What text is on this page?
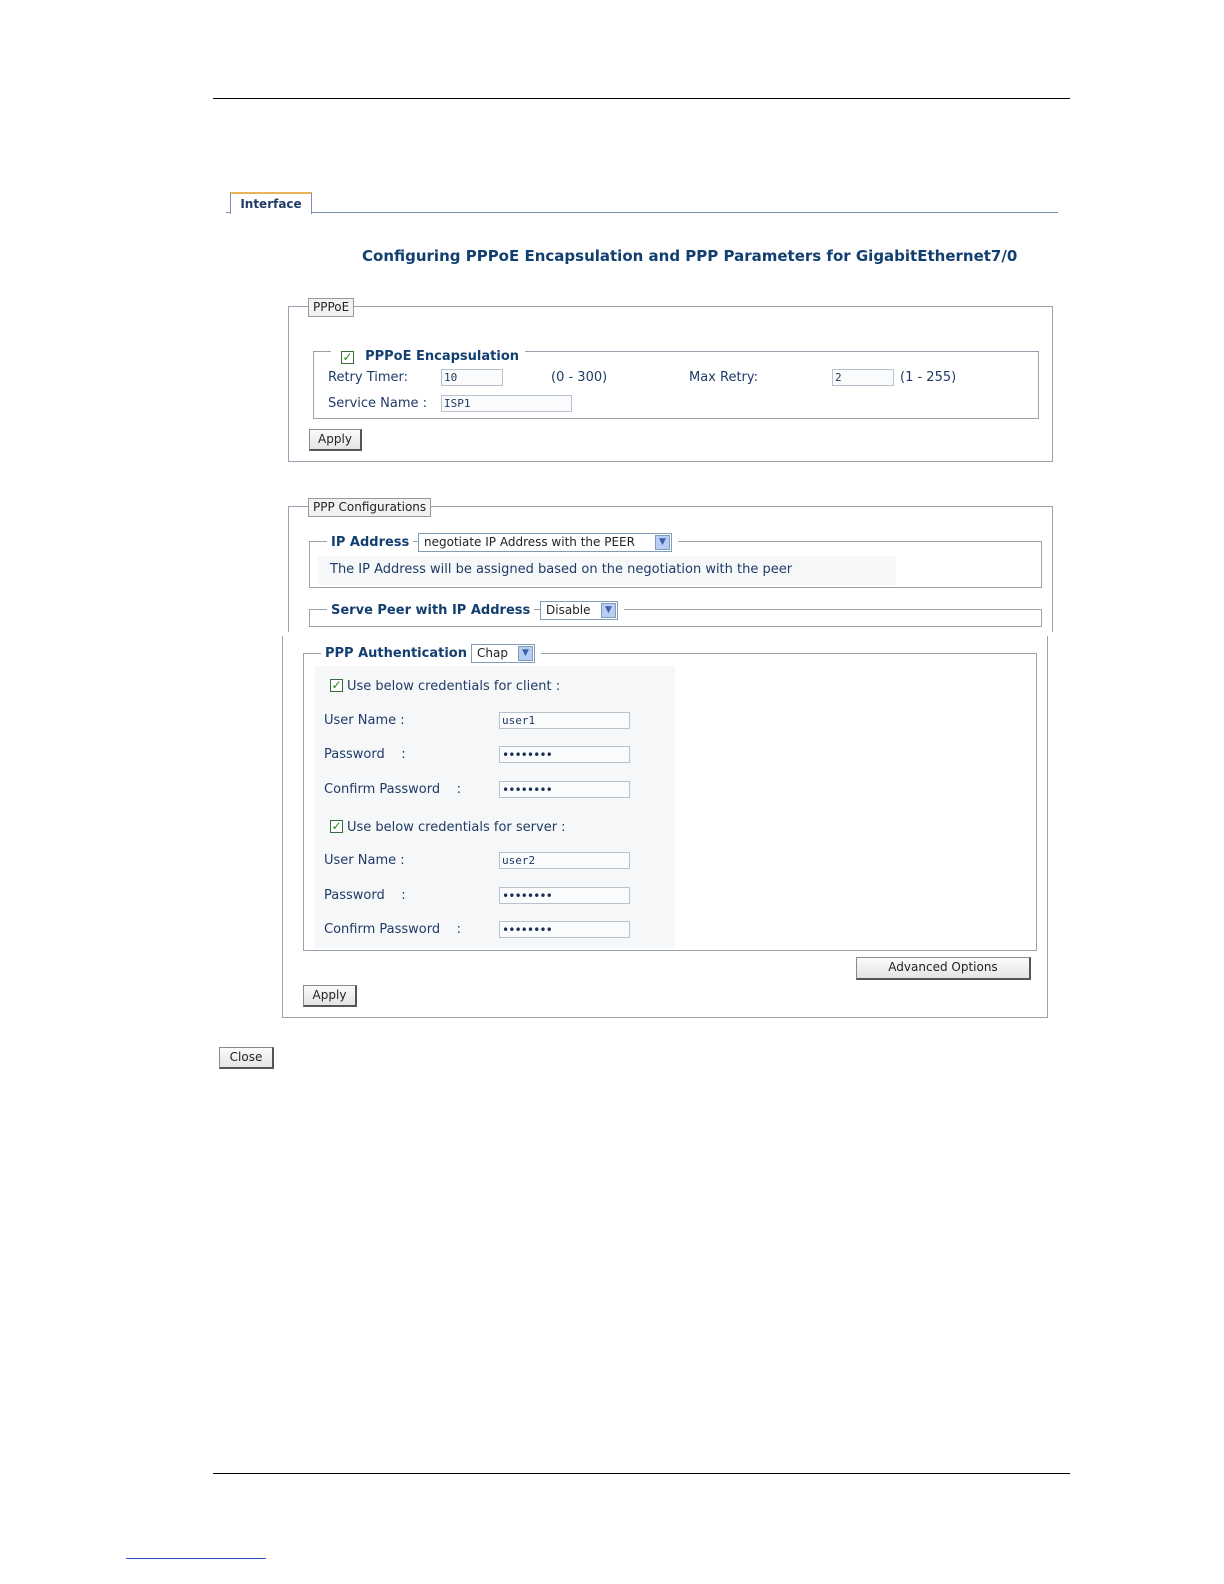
Interface
Configuring PPPoE Encapsulation and PPP Parameters for GigabitEthernet7/0
PPPoE
✓ PPPoE Encapsulation
Retry Timer:	10	(0 - 300)	Max Retry:	2	(1 - 255)
Service Name : ISP1
Apply
PPP Configurations
IP Address	negotiate IP Address with the PEER	▼
The IP Address will be assigned based on the negotiation with the peer
Serve Peer with IP Address	Disable	▼
PPP Authentication Chap	▼
✓ Use below credentials for client :
User Name :	user1
Password    :	••••••••
Confirm Password    :	••••••••
✓ Use below credentials for server :
User Name :	user2
Password    :	••••••••
Confirm Password    :	••••••••
Advanced Options
Apply
Close
